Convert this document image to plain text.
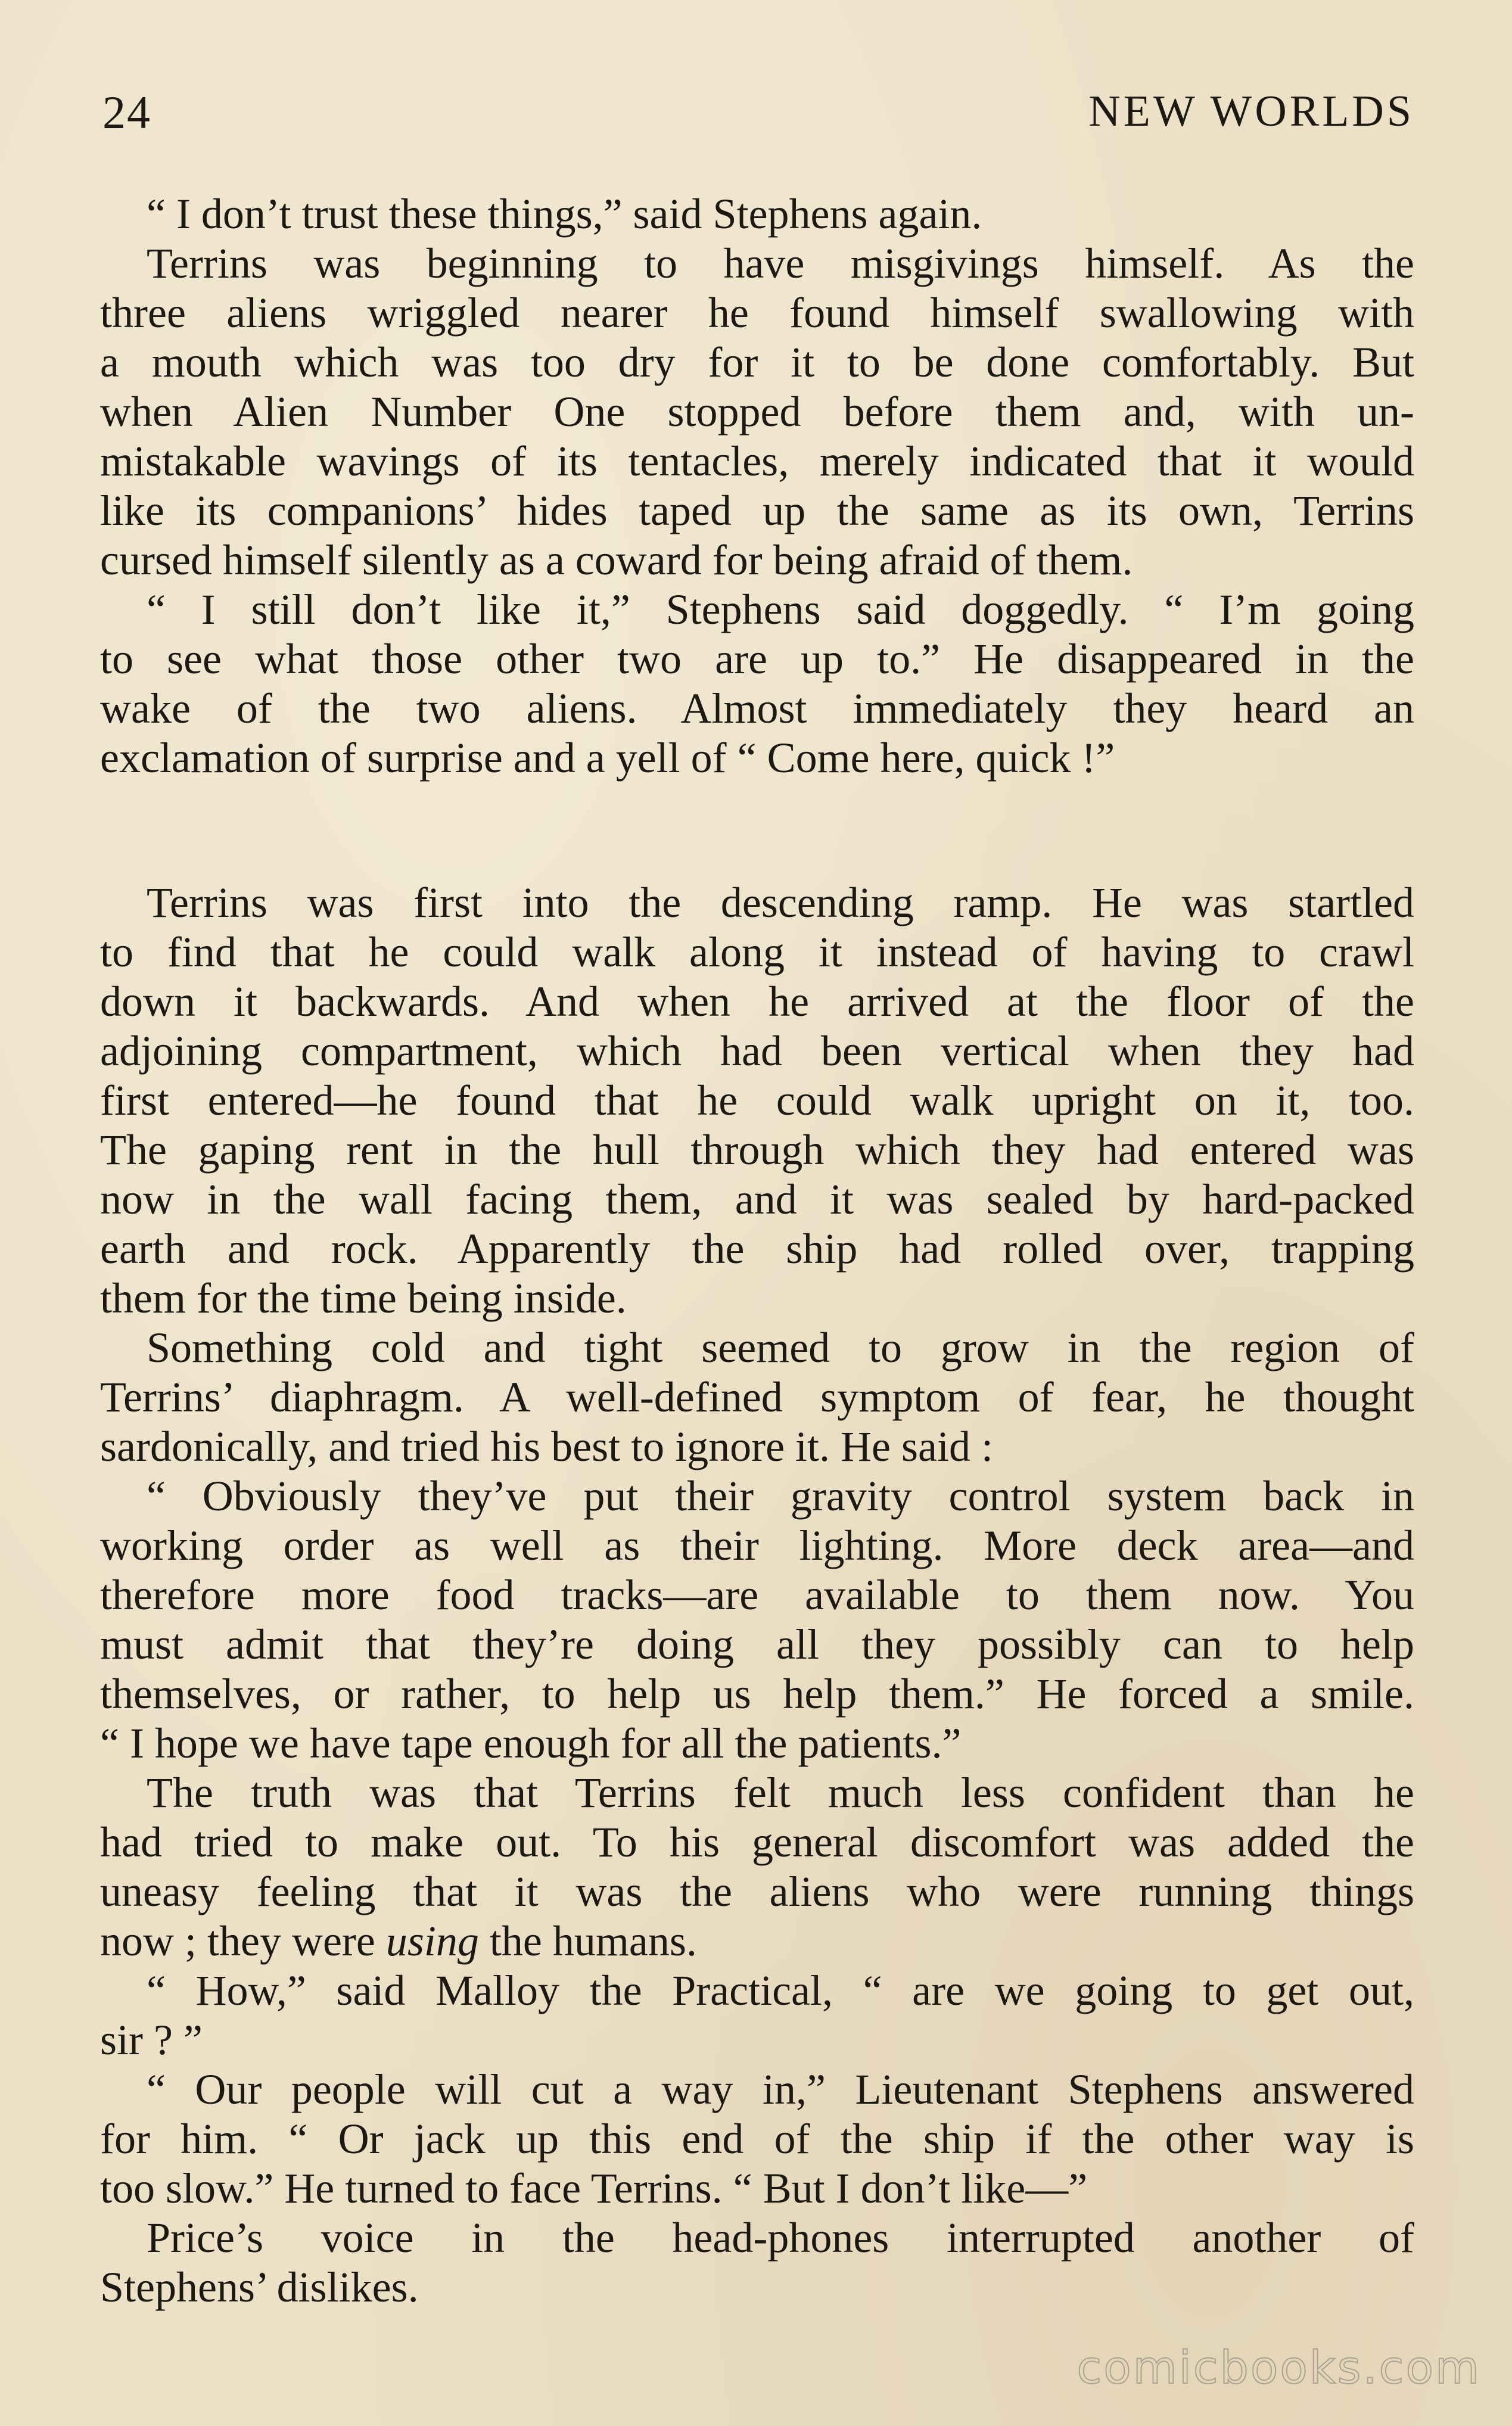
24	NEW WORLDS
“ I don’t trust these things,” said Stephens again.
Terrins was beginning to have misgivings himself. As the
three aliens wriggled nearer he found himself swallowing with
a mouth which was too dry for it to be done comfortably. But
when Alien Number One stopped before them and, with un-
mistakable wavings of its tentacles, merely indicated that it would
like its companions’ hides taped up the same as its own, Terrins
cursed himself silently as a coward for being afraid of them.
“ I still don’t like it,” Stephens said doggedly. “ I’m going
to see what those other two are up to.” He disappeared in the
wake of the two aliens. Almost immediately they heard an
exclamation of surprise and a yell of “ Come here, quick !”
Terrins was first into the descending ramp. He was startled
to find that he could walk along it instead of having to crawl
down it backwards. And when he arrived at the floor of the
adjoining compartment, which had been vertical when they had
first entered—he found that he could walk upright on it, too.
The gaping rent in the hull through which they had entered was
now in the wall facing them, and it was sealed by hard-packed
earth and rock. Apparently the ship had rolled over, trapping
them for the time being inside.
Something cold and tight seemed to grow in the region of
Terrins’ diaphragm. A well-defined symptom of fear, he thought
sardonically, and tried his best to ignore it. He said :
“ Obviously they’ve put their gravity control system back in
working order as well as their lighting. More deck area—and
therefore more food tracks—are available to them now. You
must admit that they’re doing all they possibly can to help
themselves, or rather, to help us help them.” He forced a smile.
“ I hope we have tape enough for all the patients.”
The truth was that Terrins felt much less confident than he
had tried to make out. To his general discomfort was added the
uneasy feeling that it was the aliens who were running things
now ; they were using the humans.
“ How,” said Malloy the Practical, “ are we going to get out,
sir ? ”
“ Our people will cut a way in,” Lieutenant Stephens answered
for him. “ Or jack up this end of the ship if the other way is
too slow.” He turned to face Terrins. “ But I don’t like—”
Price’s voice in the head-phones interrupted another of
Stephens’ dislikes.
comicbooks.com
